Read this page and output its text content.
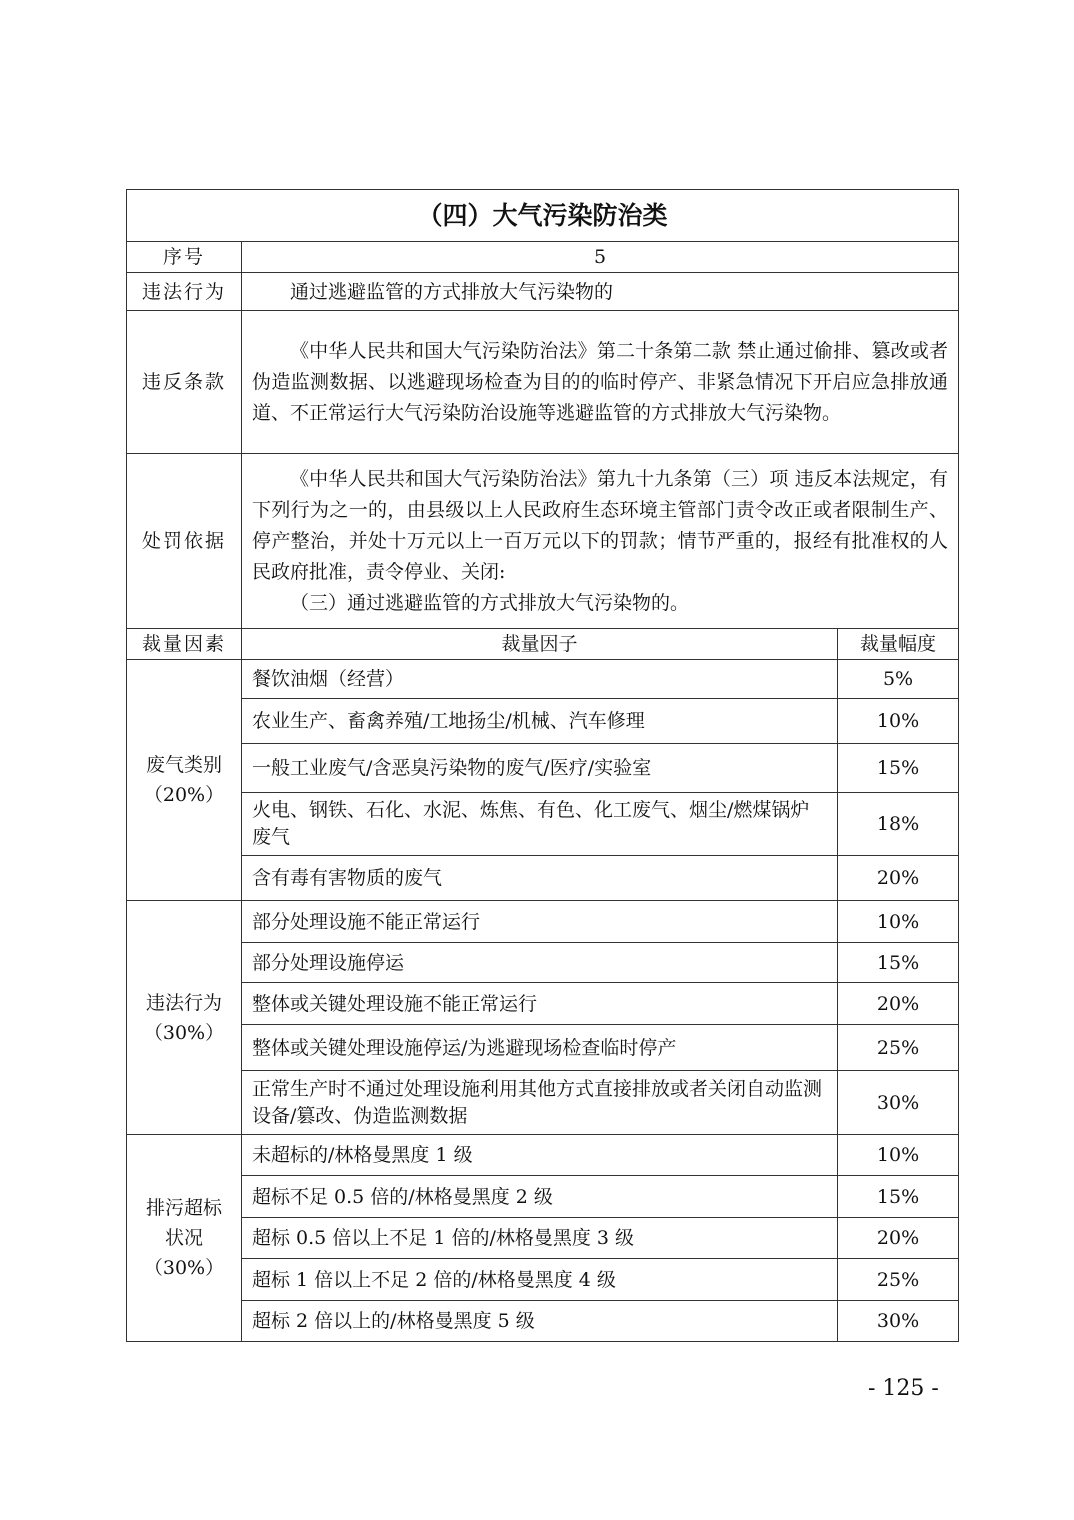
（四）大气污染防治类		
序号	5	
违法行为	通过逃避监管的方式排放大气污染物的	

违反条款	《中华人民共和国大气污染防治法》第二十条第二款 禁止通过偷排、篡改或者伪造监测数据、以逃避现场检查为目的的临时停产、非紧急情况下开启应急排放通道、不正常运行大气污染防治设施等逃避监管的方式排放大气污染物。	

处罚依据	《中华人民共和国大气污染防治法》第九十九条第（三）项 违反本法规定，有下列行为之一的，由县级以上人民政府生态环境主管部门责令改正或者限制生产、停产整治，并处十万元以上一百万元以下的罚款；情节严重的，报经有批准权的人民政府批准，责令停业、关闭:

（三）通过逃避监管的方式排放大气污染物的。	

裁量因素	裁量因子	裁量幅度

废气类别
（20%）	餐饮油烟（经营）	5%
	农业生产、畜禽养殖/工地扬尘/机械、汽车修理	10%
	一般工业废气/含恶臭污染物的废气/医疗/实验室	15%
	火电、钢铁、石化、水泥、炼焦、有色、化工废气、烟尘/燃煤锅炉废气	18%
	含有毒有害物质的废气	20%

违法行为
（30%）	部分处理设施不能正常运行	10%
	部分处理设施停运	15%
	整体或关键处理设施不能正常运行	20%
	整体或关键处理设施停运/为逃避现场检查临时停产	25%
	正常生产时不通过处理设施利用其他方式直接排放或者关闭自动监测设备/篡改、伪造监测数据	30%

排污超标
状况
（30%）	未超标的/林格曼黑度 1 级	10%
	超标不足 0.5 倍的/林格曼黑度 2 级	15%
	超标 0.5 倍以上不足 1 倍的/林格曼黑度 3 级	20%
	超标 1 倍以上不足 2 倍的/林格曼黑度 4 级	25%
	超标 2 倍以上的/林格曼黑度 5 级	30%
- 125 -
